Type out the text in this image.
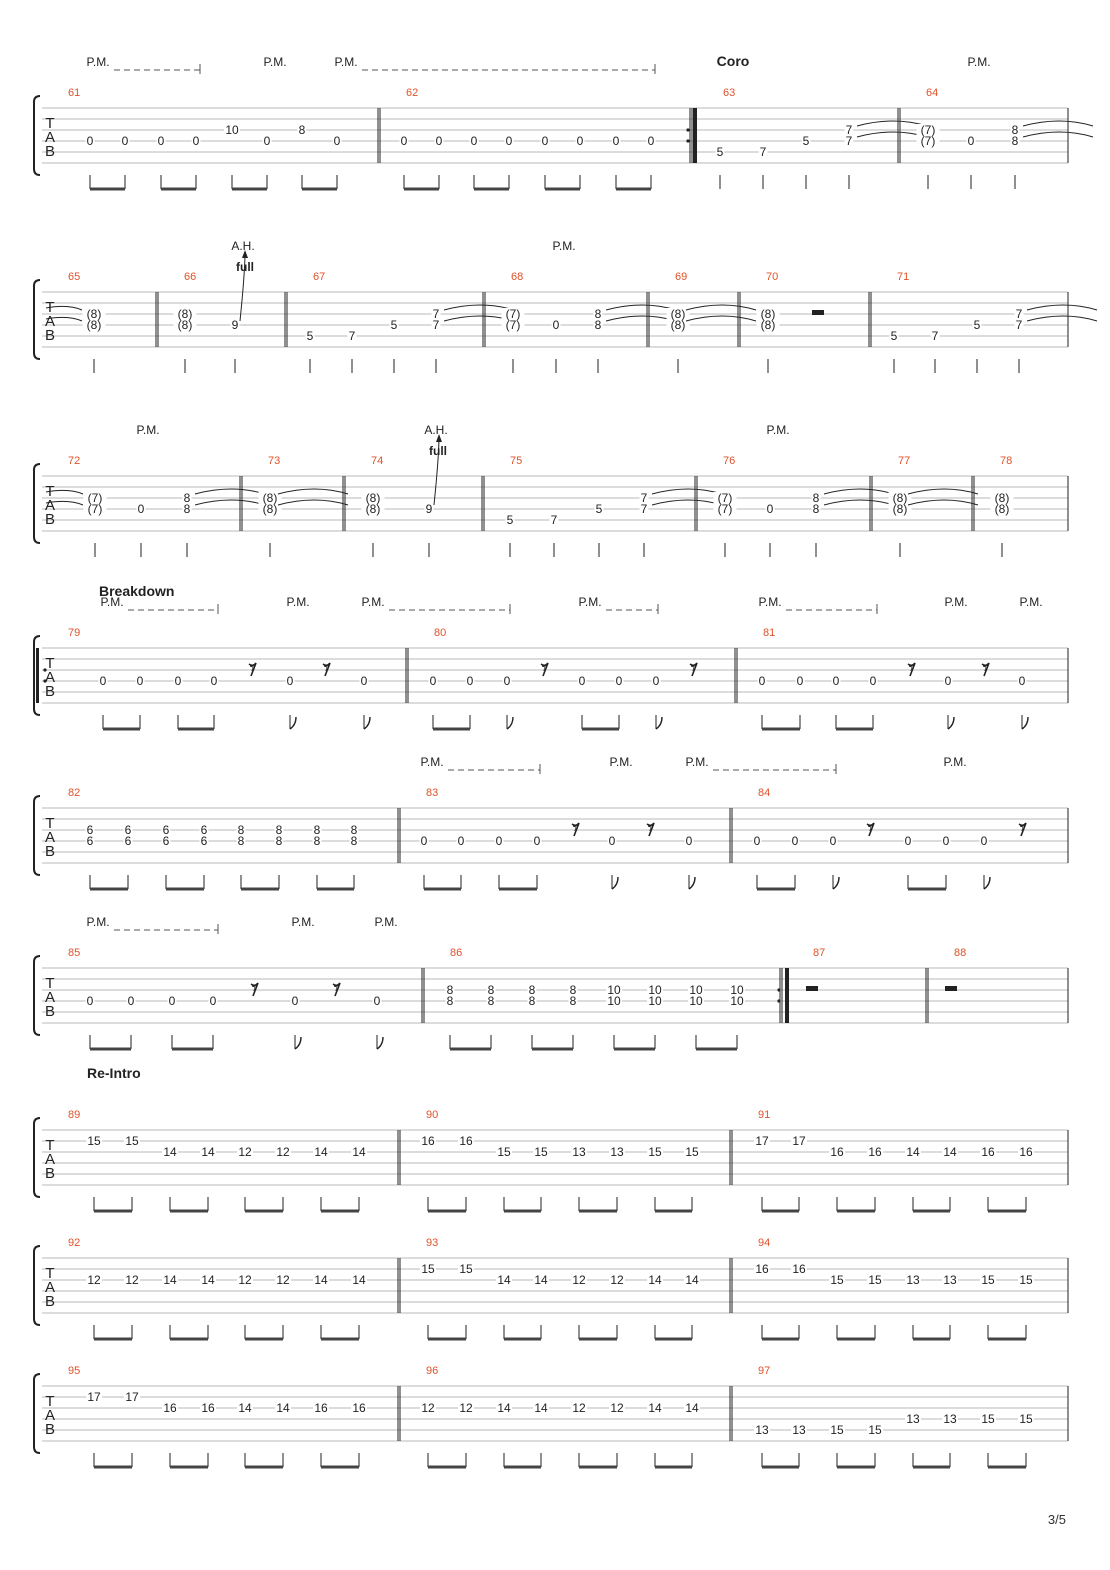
T
A
B
P.M.	P.M.	P.M.	Coro	P.M.
61
0 0 0 0
10
0
8
0
62
0 0 0 0 0 0 0 0
63
5	7
5
7
7
64
(7)
(7)	0
8
8
T
A
B
A.H.	P.M.
full
65
(8)
(8)
66
(8)
(8)	9
67
5	7
5
7
7
68
(7)
(7)	0
8
8
69
(8)
(8)
70
(8)
(8)
71
5	7
5
7
7
T
A
B
P.M.	A.H.	P.M.
full
72
(7)
(7)	0
8
8
73
(8)
(8)
74
(8)
(8)	9
75
5	7
5
7
7
76
(7)
(7)	0
8
8
77
(8)
(8)
78
(8)
(8)
T
A
B
Breakdown
P.M.	P.M.	P.M.	P.M.	P.M.	P.M.	P.M.
79
0	0	0 0
𝄾
0
𝄾
0
80
0	0	0
𝄾
0	0	0
𝄾
81
0	0 0	0
𝄾
0
𝄾
0
T
A
B
P.M.	P.M.	P.M.	P.M.
82
6
6
6
6
6
6
6
6
8
8
8
8
8
8
8
8
83
0	0	0	0
𝄾
0
𝄾
0
84
0	0	0
𝄾
0	0	0
𝄾
T
A
B
P.M.	P.M.	P.M.
85
0	0	0	0
𝄾
0
𝄾
0
86
8
8
8
8
8
8
8
8
10
10
10
10
10
10
10
10
87	88
T
A
B
Re-Intro
89
15 15
14 14 12 12 14 14
90
16 16
15 15 13 13 15 15
91
17 17
16 16 14 14 16 16
T
A
B
92
12 12 14 14 12 12 14 14
93
15 15
14 14 12 12 14 14
94
16 16
15 15 13 13 15 15
T
A
B
95
17 17
16 16 14 14 16 16
96
12 12 14 14 12 12 14 14
97
13 13 15 15
13 13 15 15
3/5
